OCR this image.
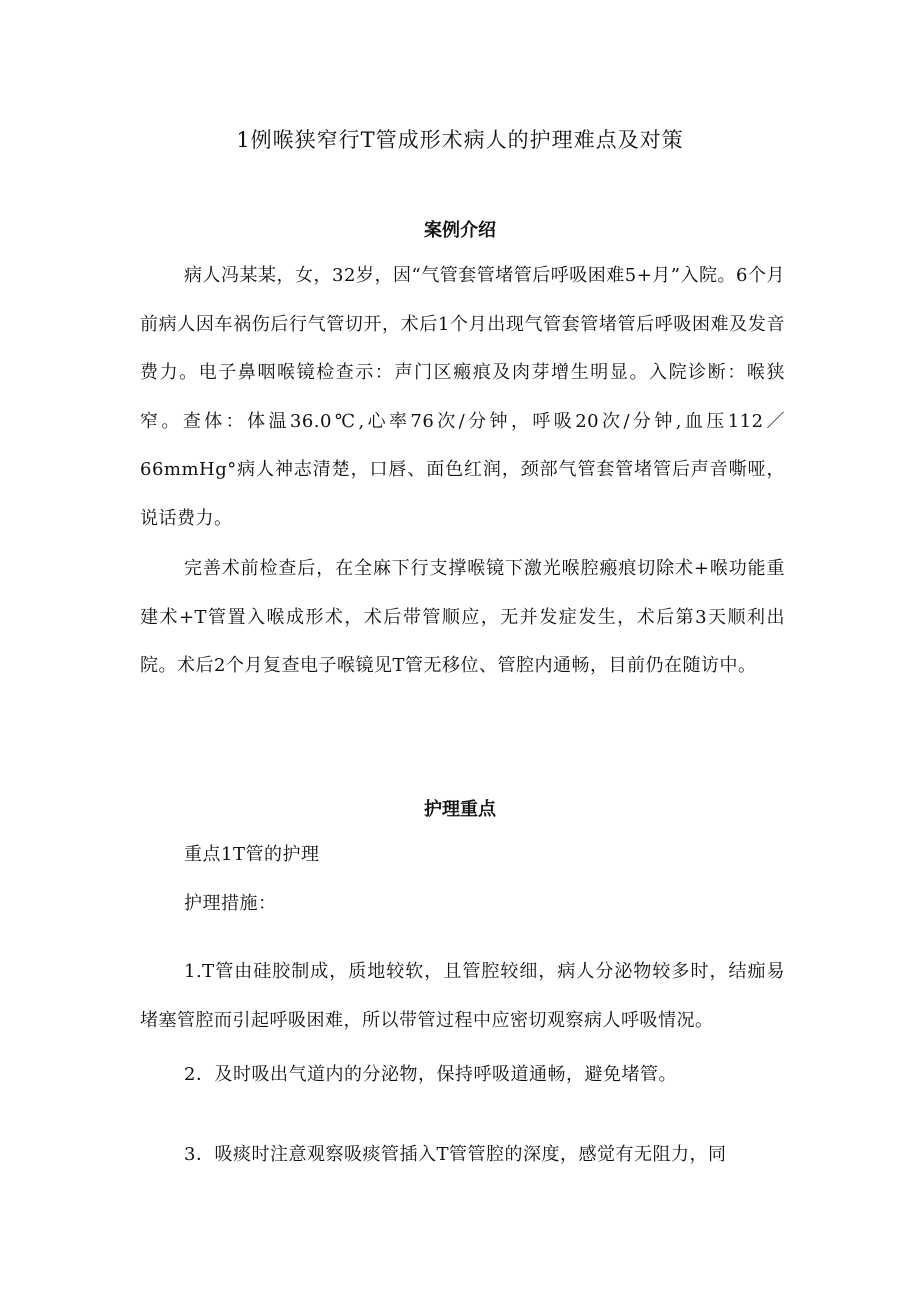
1例喉狭窄行T管成形术病人的护理难点及对策
案例介绍
病人冯某某，女，32岁，因“气管套管堵管后呼吸困难5+月”入院。6个月前病人因车祸伤后行气管切开，术后1个月出现气管套管堵管后呼吸困难及发音费力。电子鼻咽喉镜检查示：声门区瘢痕及肉芽增生明显。入院诊断：喉狭窄。查体：体温36.0℃,心率76次/分钟，呼吸20次/分钟,血压112／66mmHg°病人神志清楚，口唇、面色红润，颈部气管套管堵管后声音嘶哑，说话费力。
完善术前检查后，在全麻下行支撑喉镜下激光喉腔瘢痕切除术+喉功能重建术+T管置入喉成形术，术后带管顺应，无并发症发生，术后第3天顺利出院。术后2个月复查电子喉镜见T管无移位、管腔内通畅，目前仍在随访中。
护理重点
重点1T管的护理
护理措施：
1.T管由硅胶制成，质地较软，且管腔较细，病人分泌物较多时，结痂易堵塞管腔而引起呼吸困难，所以带管过程中应密切观察病人呼吸情况。
2．及时吸出气道内的分泌物，保持呼吸道通畅，避免堵管。
3．吸痰时注意观察吸痰管插入T管管腔的深度，感觉有无阻力，同
